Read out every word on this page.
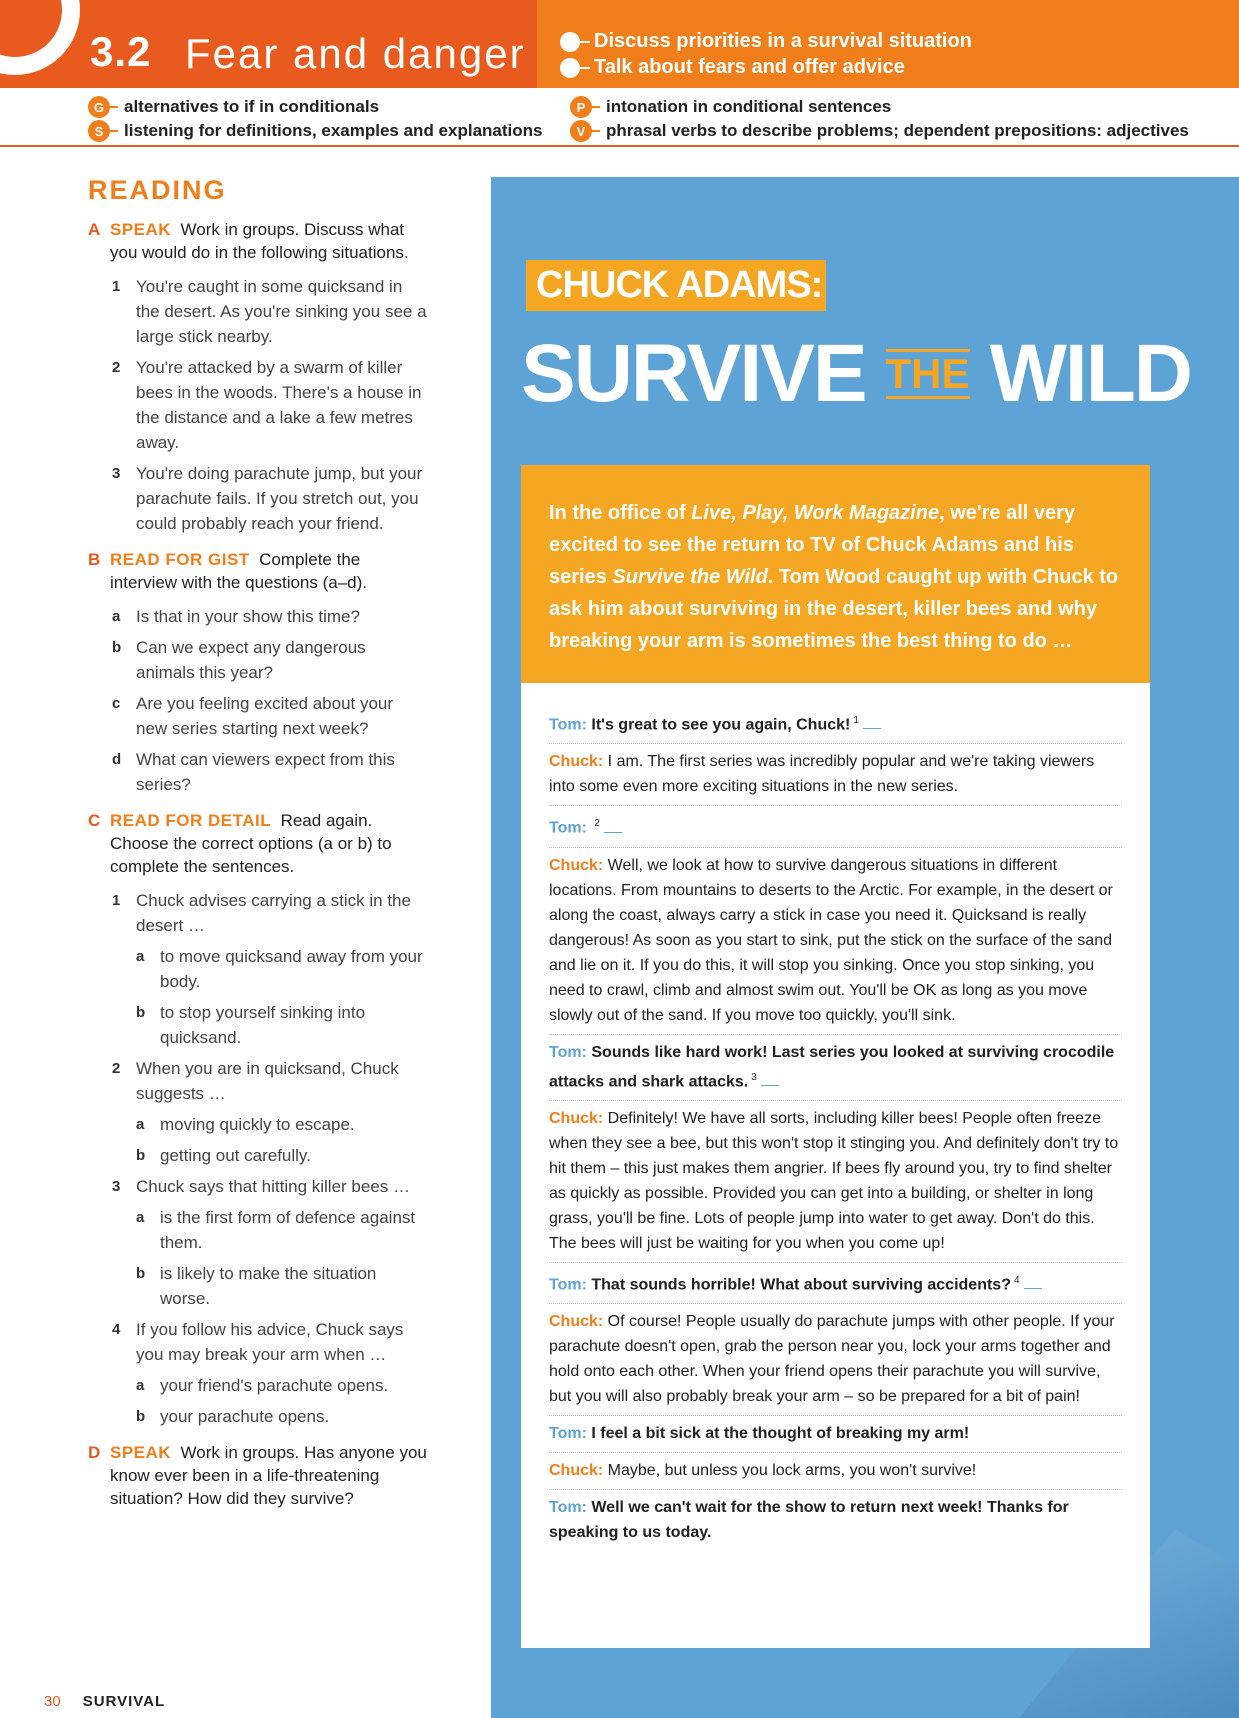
3.2 Fear and danger	Discuss priorities in a survival situation
Talk about fears and offer advice
G	alternatives to if in conditionals
S	listening for definitions, examples and explanations
P	intonation in conditional sentences
V	phrasal verbs to describe problems; dependent prepositions: adjectives
READING
A SPEAK Work in groups. Discuss what you would do in the following situations.
1 You're caught in some quicksand in the desert. As you're sinking you see a large stick nearby.
2 You're attacked by a swarm of killer bees in the woods. There's a house in the distance and a lake a few metres away.
3 You're doing parachute jump, but your parachute fails. If you stretch out, you could probably reach your friend.
B READ FOR GIST Complete the interview with the questions (a–d).
a Is that in your show this time?
b Can we expect any dangerous animals this year?
c Are you feeling excited about your new series starting next week?
d What can viewers expect from this series?
C READ FOR DETAIL Read again. Choose the correct options (a or b) to complete the sentences.
1 Chuck advises carrying a stick in the desert …
a to move quicksand away from your body.
b to stop yourself sinking into quicksand.
2 When you are in quicksand, Chuck suggests …
a moving quickly to escape.
b getting out carefully.
3 Chuck says that hitting killer bees …
a is the first form of defence against them.
b is likely to make the situation worse.
4 If you follow his advice, Chuck says you may break your arm when …
a your friend's parachute opens.
b your parachute opens.
D SPEAK Work in groups. Has anyone you know ever been in a life-threatening situation? How did they survive?
30 SURVIVAL
CHUCK ADAMS:
SURVIVE THE WILD
In the office of Live, Play, Work Magazine, we're all very excited to see the return to TV of Chuck Adams and his series Survive the Wild. Tom Wood caught up with Chuck to ask him about surviving in the desert, killer bees and why breaking your arm is sometimes the best thing to do …
Tom: It's great to see you again, Chuck! $^1$
Chuck: I am. The first series was incredibly popular and we're taking viewers into some even more exciting situations in the new series.
Tom: $^2$
Chuck: Well, we look at how to survive dangerous situations in different locations. From mountains to deserts to the Arctic. For example, in the desert or along the coast, always carry a stick in case you need it. Quicksand is really dangerous! As soon as you start to sink, put the stick on the surface of the sand and lie on it. If you do this, it will stop you sinking. Once you stop sinking, you need to crawl, climb and almost swim out. You'll be OK as long as you move slowly out of the sand. If you move too quickly, you'll sink.
Tom: Sounds like hard work! Last series you looked at surviving crocodile attacks and shark attacks. $^3$
Chuck: Definitely! We have all sorts, including killer bees! People often freeze when they see a bee, but this won't stop it stinging you. And definitely don't try to hit them – this just makes them angrier. If bees fly around you, try to find shelter as quickly as possible. Provided you can get into a building, or shelter in long grass, you'll be fine. Lots of people jump into water to get away. Don't do this. The bees will just be waiting for you when you come up!
Tom: That sounds horrible! What about surviving accidents? $^4$
Chuck: Of course! People usually do parachute jumps with other people. If your parachute doesn't open, grab the person near you, lock your arms together and hold onto each other. When your friend opens their parachute you will survive, but you will also probably break your arm – so be prepared for a bit of pain!
Tom: I feel a bit sick at the thought of breaking my arm!
Chuck: Maybe, but unless you lock arms, you won't survive!
Tom: Well we can't wait for the show to return next week! Thanks for speaking to us today.
